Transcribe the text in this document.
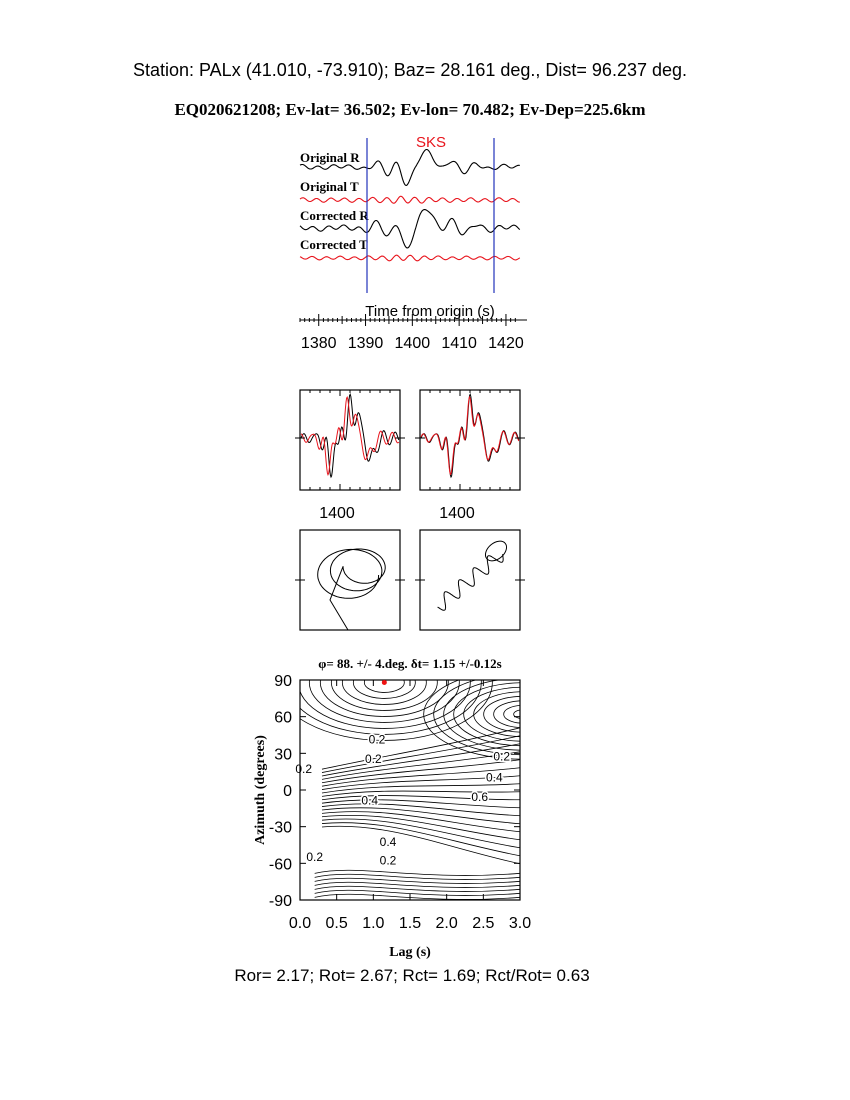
Station: PALx (41.010, -73.910); Baz= 28.161 deg., Dist= 96.237 deg.
EQ020621208; Ev-lat= 36.502; Ev-lon= 70.482; Ev-Dep=225.6km
Original R
Original T
Corrected R
Corrected T
SKS
Time from origin (s)
1380 1390 1400 1410 1420
1400	1400
φ= 88. +/- 4.deg. δt= 1.15 +/-0.12s
0.2
0.2
0.2
0.4
0.2
0.4
0.6
0.4
0.2
0.2
0.0 0.5 1.0 1.5 2.0 2.5 3.0
90
60
30
0
-30
-60
-90
Lag (s)
Azimuth (degrees)
Ror= 2.17; Rot= 2.67; Rct= 1.69; Rct/Rot= 0.63
